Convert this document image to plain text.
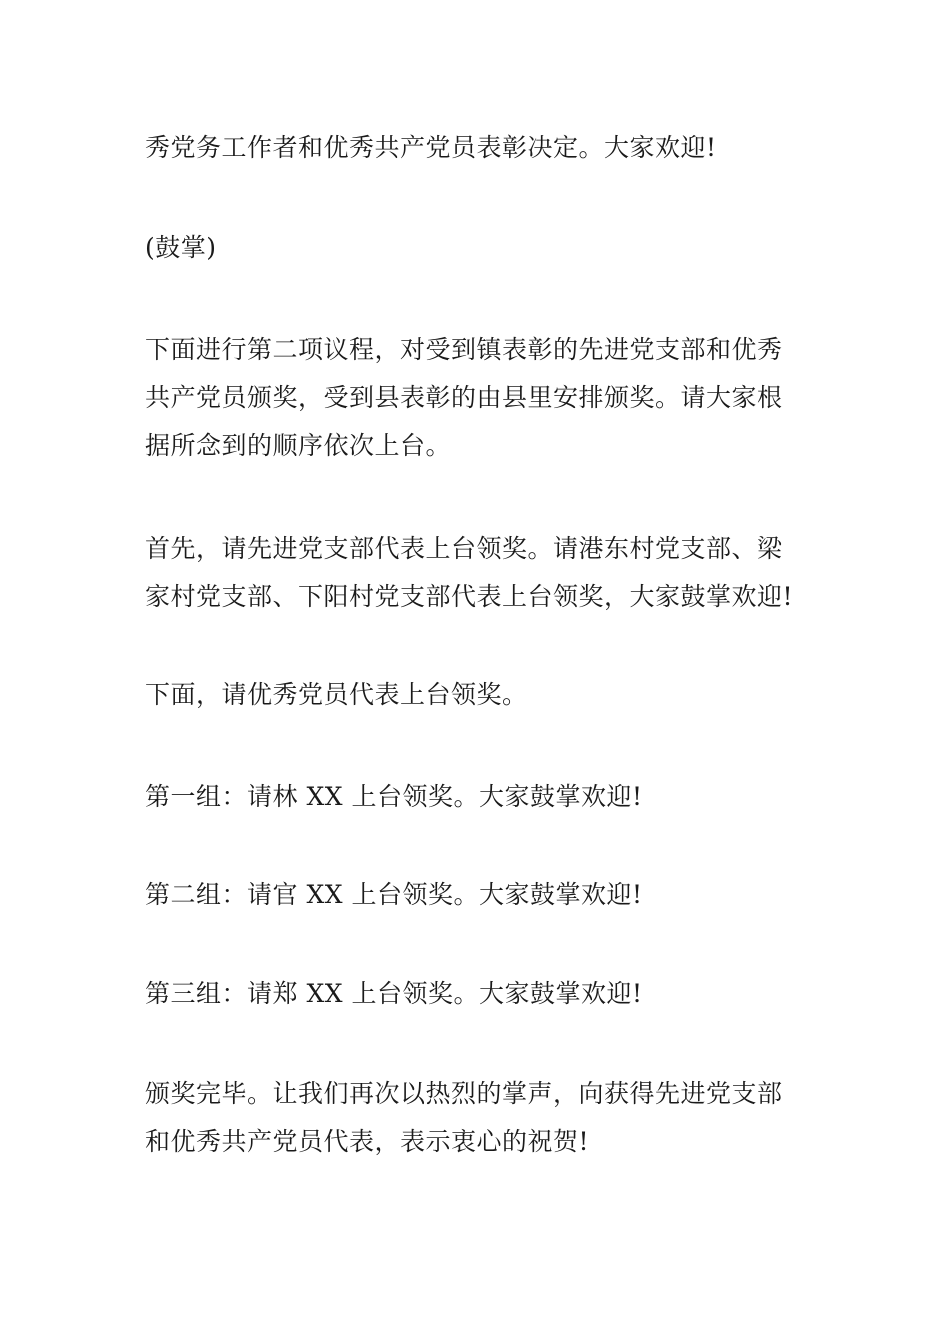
秀党务工作者和优秀共产党员表彰决定。大家欢迎!
(鼓掌)
下面进行第二项议程，对受到镇表彰的先进党支部和优秀
共产党员颁奖，受到县表彰的由县里安排颁奖。请大家根
据所念到的顺序依次上台。
首先，请先进党支部代表上台领奖。请港东村党支部、梁
家村党支部、下阳村党支部代表上台领奖，大家鼓掌欢迎!
下面，请优秀党员代表上台领奖。
第一组：请林 XX 上台领奖。大家鼓掌欢迎!
第二组：请官 XX 上台领奖。大家鼓掌欢迎!
第三组：请郑 XX 上台领奖。大家鼓掌欢迎!
颁奖完毕。让我们再次以热烈的掌声，向获得先进党支部
和优秀共产党员代表，表示衷心的祝贺!
